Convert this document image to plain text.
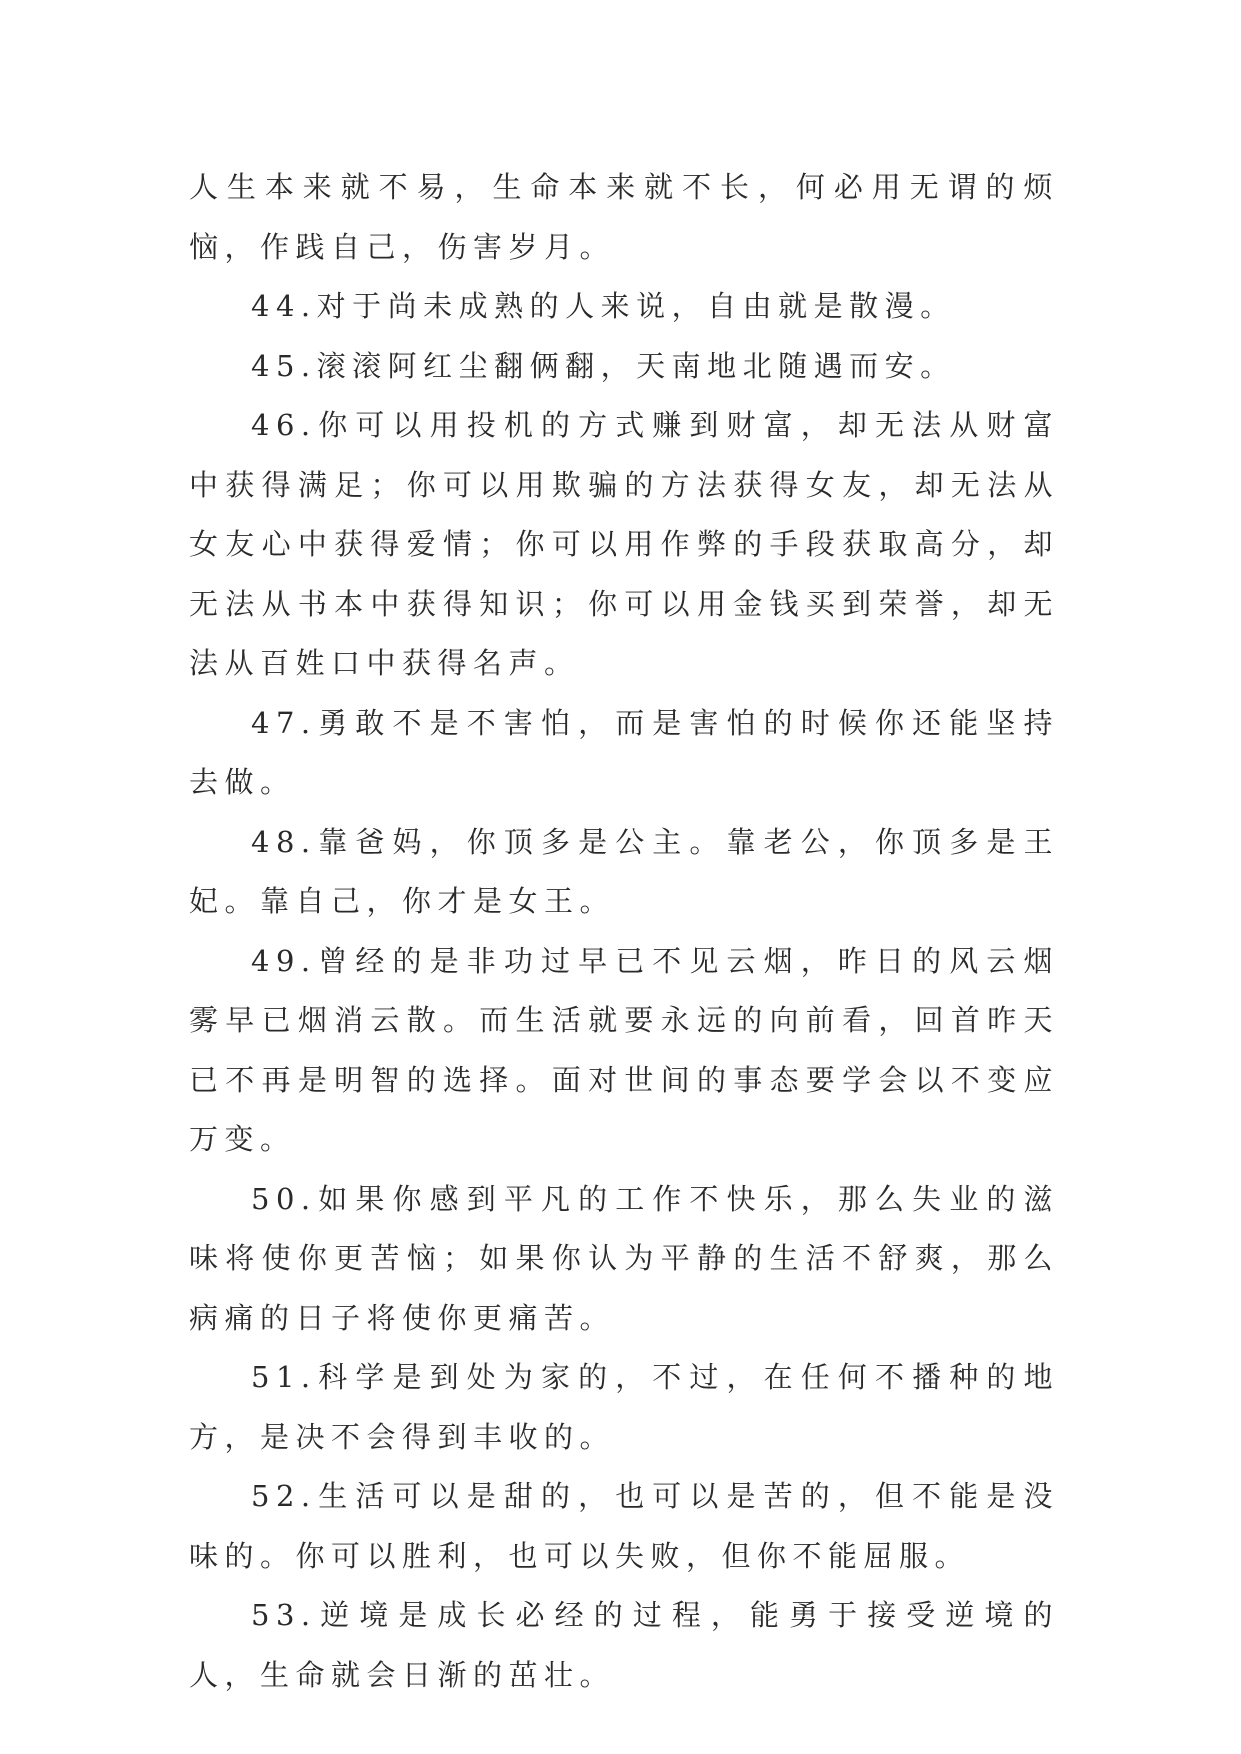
人生本来就不易，生命本来就不长，何必用无谓的烦恼，作践自己，伤害岁月。

44.对于尚未成熟的人来说，自由就是散漫。

45.滚滚阿红尘翻俩翻，天南地北随遇而安。

46.你可以用投机的方式赚到财富，却无法从财富中获得满足；你可以用欺骗的方法获得女友，却无法从女友心中获得爱情；你可以用作弊的手段获取高分，却无法从书本中获得知识；你可以用金钱买到荣誉，却无法从百姓口中获得名声。

47.勇敢不是不害怕，而是害怕的时候你还能坚持去做。

48.靠爸妈，你顶多是公主。靠老公，你顶多是王妃。靠自己，你才是女王。

49.曾经的是非功过早已不见云烟，昨日的风云烟雾早已烟消云散。而生活就要永远的向前看，回首昨天已不再是明智的选择。面对世间的事态要学会以不变应万变。

50.如果你感到平凡的工作不快乐，那么失业的滋味将使你更苦恼；如果你认为平静的生活不舒爽，那么病痛的日子将使你更痛苦。

51.科学是到处为家的，不过，在任何不播种的地方，是决不会得到丰收的。

52.生活可以是甜的，也可以是苦的，但不能是没味的。你可以胜利，也可以失败，但你不能屈服。

53.逆境是成长必经的过程，能勇于接受逆境的人，生命就会日渐的茁壮。
